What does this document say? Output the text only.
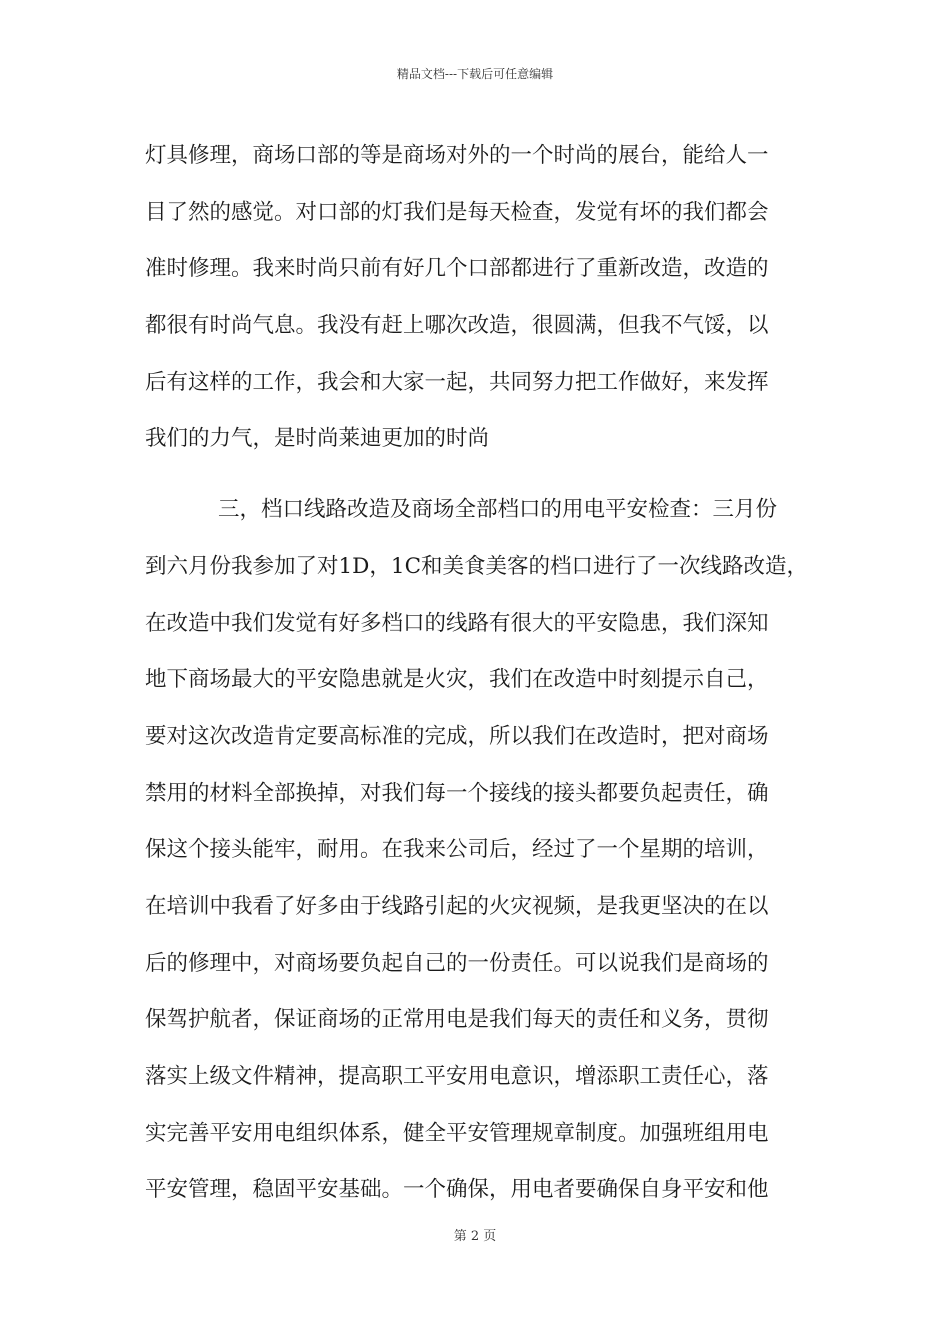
精品文档---下载后可任意编辑
灯具修理，商场口部的等是商场对外的一个时尚的展台，能给人一
目了然的感觉。对口部的灯我们是每天检查，发觉有坏的我们都会
准时修理。我来时尚只前有好几个口部都进行了重新改造，改造的
都很有时尚气息。我没有赶上哪次改造，很圆满，但我不气馁，以
后有这样的工作，我会和大家一起，共同努力把工作做好，来发挥
我们的力气，是时尚莱迪更加的时尚
三，档口线路改造及商场全部档口的用电平安检查：三月份
到六月份我参加了对1D，1C和美食美客的档口进行了一次线路改造，
在改造中我们发觉有好多档口的线路有很大的平安隐患，我们深知
地下商场最大的平安隐患就是火灾，我们在改造中时刻提示自己，
要对这次改造肯定要高标准的完成，所以我们在改造时，把对商场
禁用的材料全部换掉，对我们每一个接线的接头都要负起责任，确
保这个接头能牢，耐用。在我来公司后，经过了一个星期的培训，
在培训中我看了好多由于线路引起的火灾视频，是我更坚决的在以
后的修理中，对商场要负起自己的一份责任。可以说我们是商场的
保驾护航者，保证商场的正常用电是我们每天的责任和义务，贯彻
落实上级文件精神，提高职工平安用电意识，增添职工责任心，落
实完善平安用电组织体系，健全平安管理规章制度。加强班组用电
平安管理，稳固平安基础。一个确保，用电者要确保自身平安和他
第 2 页
